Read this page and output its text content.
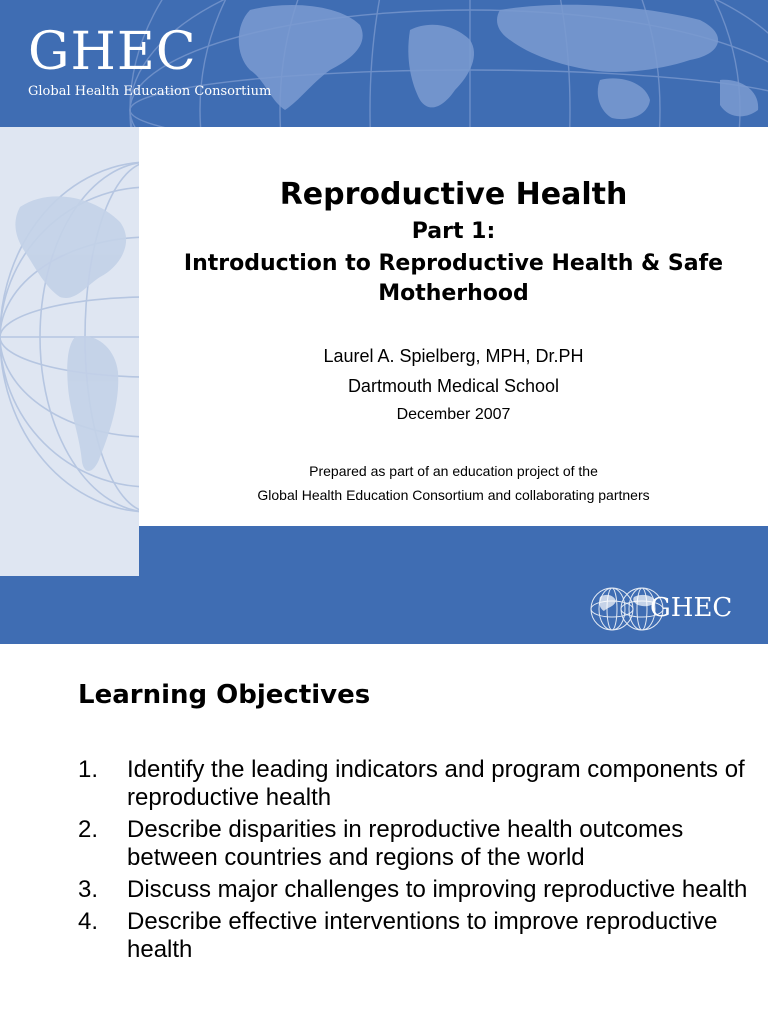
GHEC
Global Health Education Consortium
Reproductive Health
Part 1:
Introduction to Reproductive Health & Safe Motherhood
Laurel A. Spielberg, MPH, Dr.PH
Dartmouth Medical School
December 2007
Prepared as part of an education project of the
Global Health Education Consortium and collaborating partners
GHEC
Learning Objectives
1. Identify the leading indicators and program components of reproductive health
2. Describe disparities in reproductive health outcomes between countries and regions of the world
3. Discuss major challenges to improving reproductive health
4. Describe effective interventions to improve reproductive health
